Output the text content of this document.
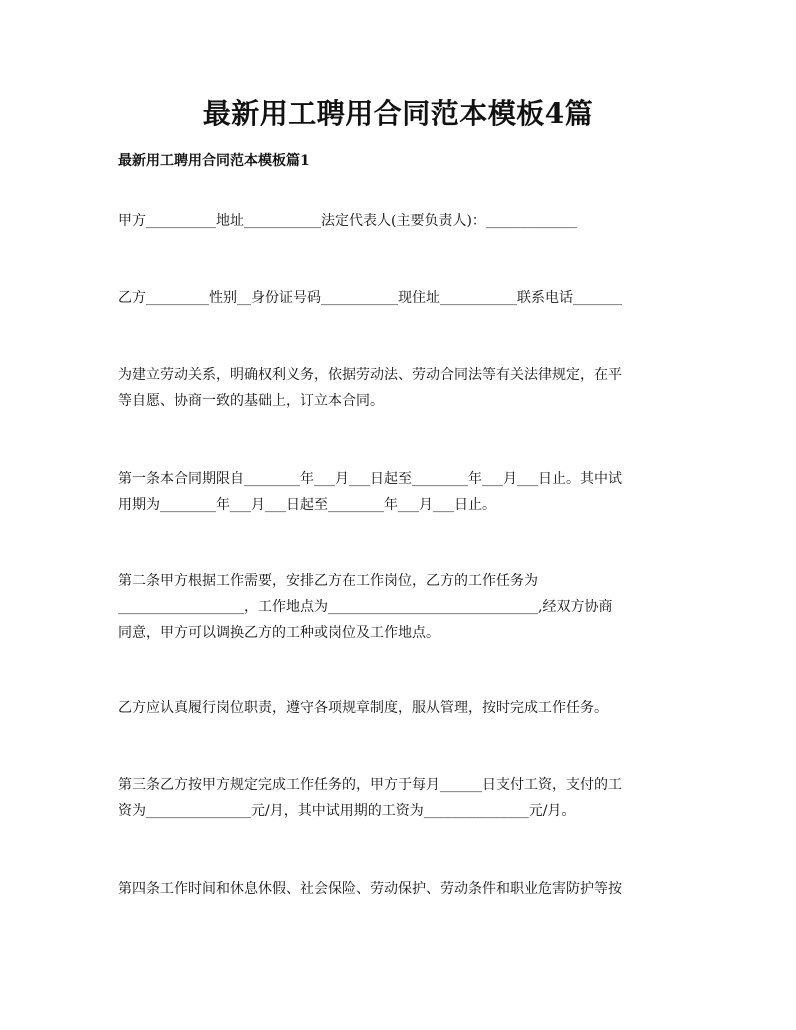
最新用工聘用合同范本模板4篇
最新用工聘用合同范本模板篇1

甲方__________地址___________法定代表人(主要负责人)：_____________

乙方_________性别__身份证号码___________现住址___________联系电话_______

为建立劳动关系，明确权利义务，依据劳动法、劳动合同法等有关法律规定，在平
等自愿、协商一致的基础上，订立本合同。

第一条本合同期限自________年___月___日起至________年___月___日止。其中试
用期为________年___月___日起至________年___月___日止。

第二条甲方根据工作需要，安排乙方在工作岗位，乙方的工作任务为
__________________，工作地点为______________________________,经双方协商
同意，甲方可以调换乙方的工种或岗位及工作地点。

乙方应认真履行岗位职责，遵守各项规章制度，服从管理，按时完成工作任务。

第三条乙方按甲方规定完成工作任务的，甲方于每月______日支付工资，支付的工
资为_______________元/月，其中试用期的工资为_______________元/月。

第四条工作时间和休息休假、社会保险、劳动保护、劳动条件和职业危害防护等按
